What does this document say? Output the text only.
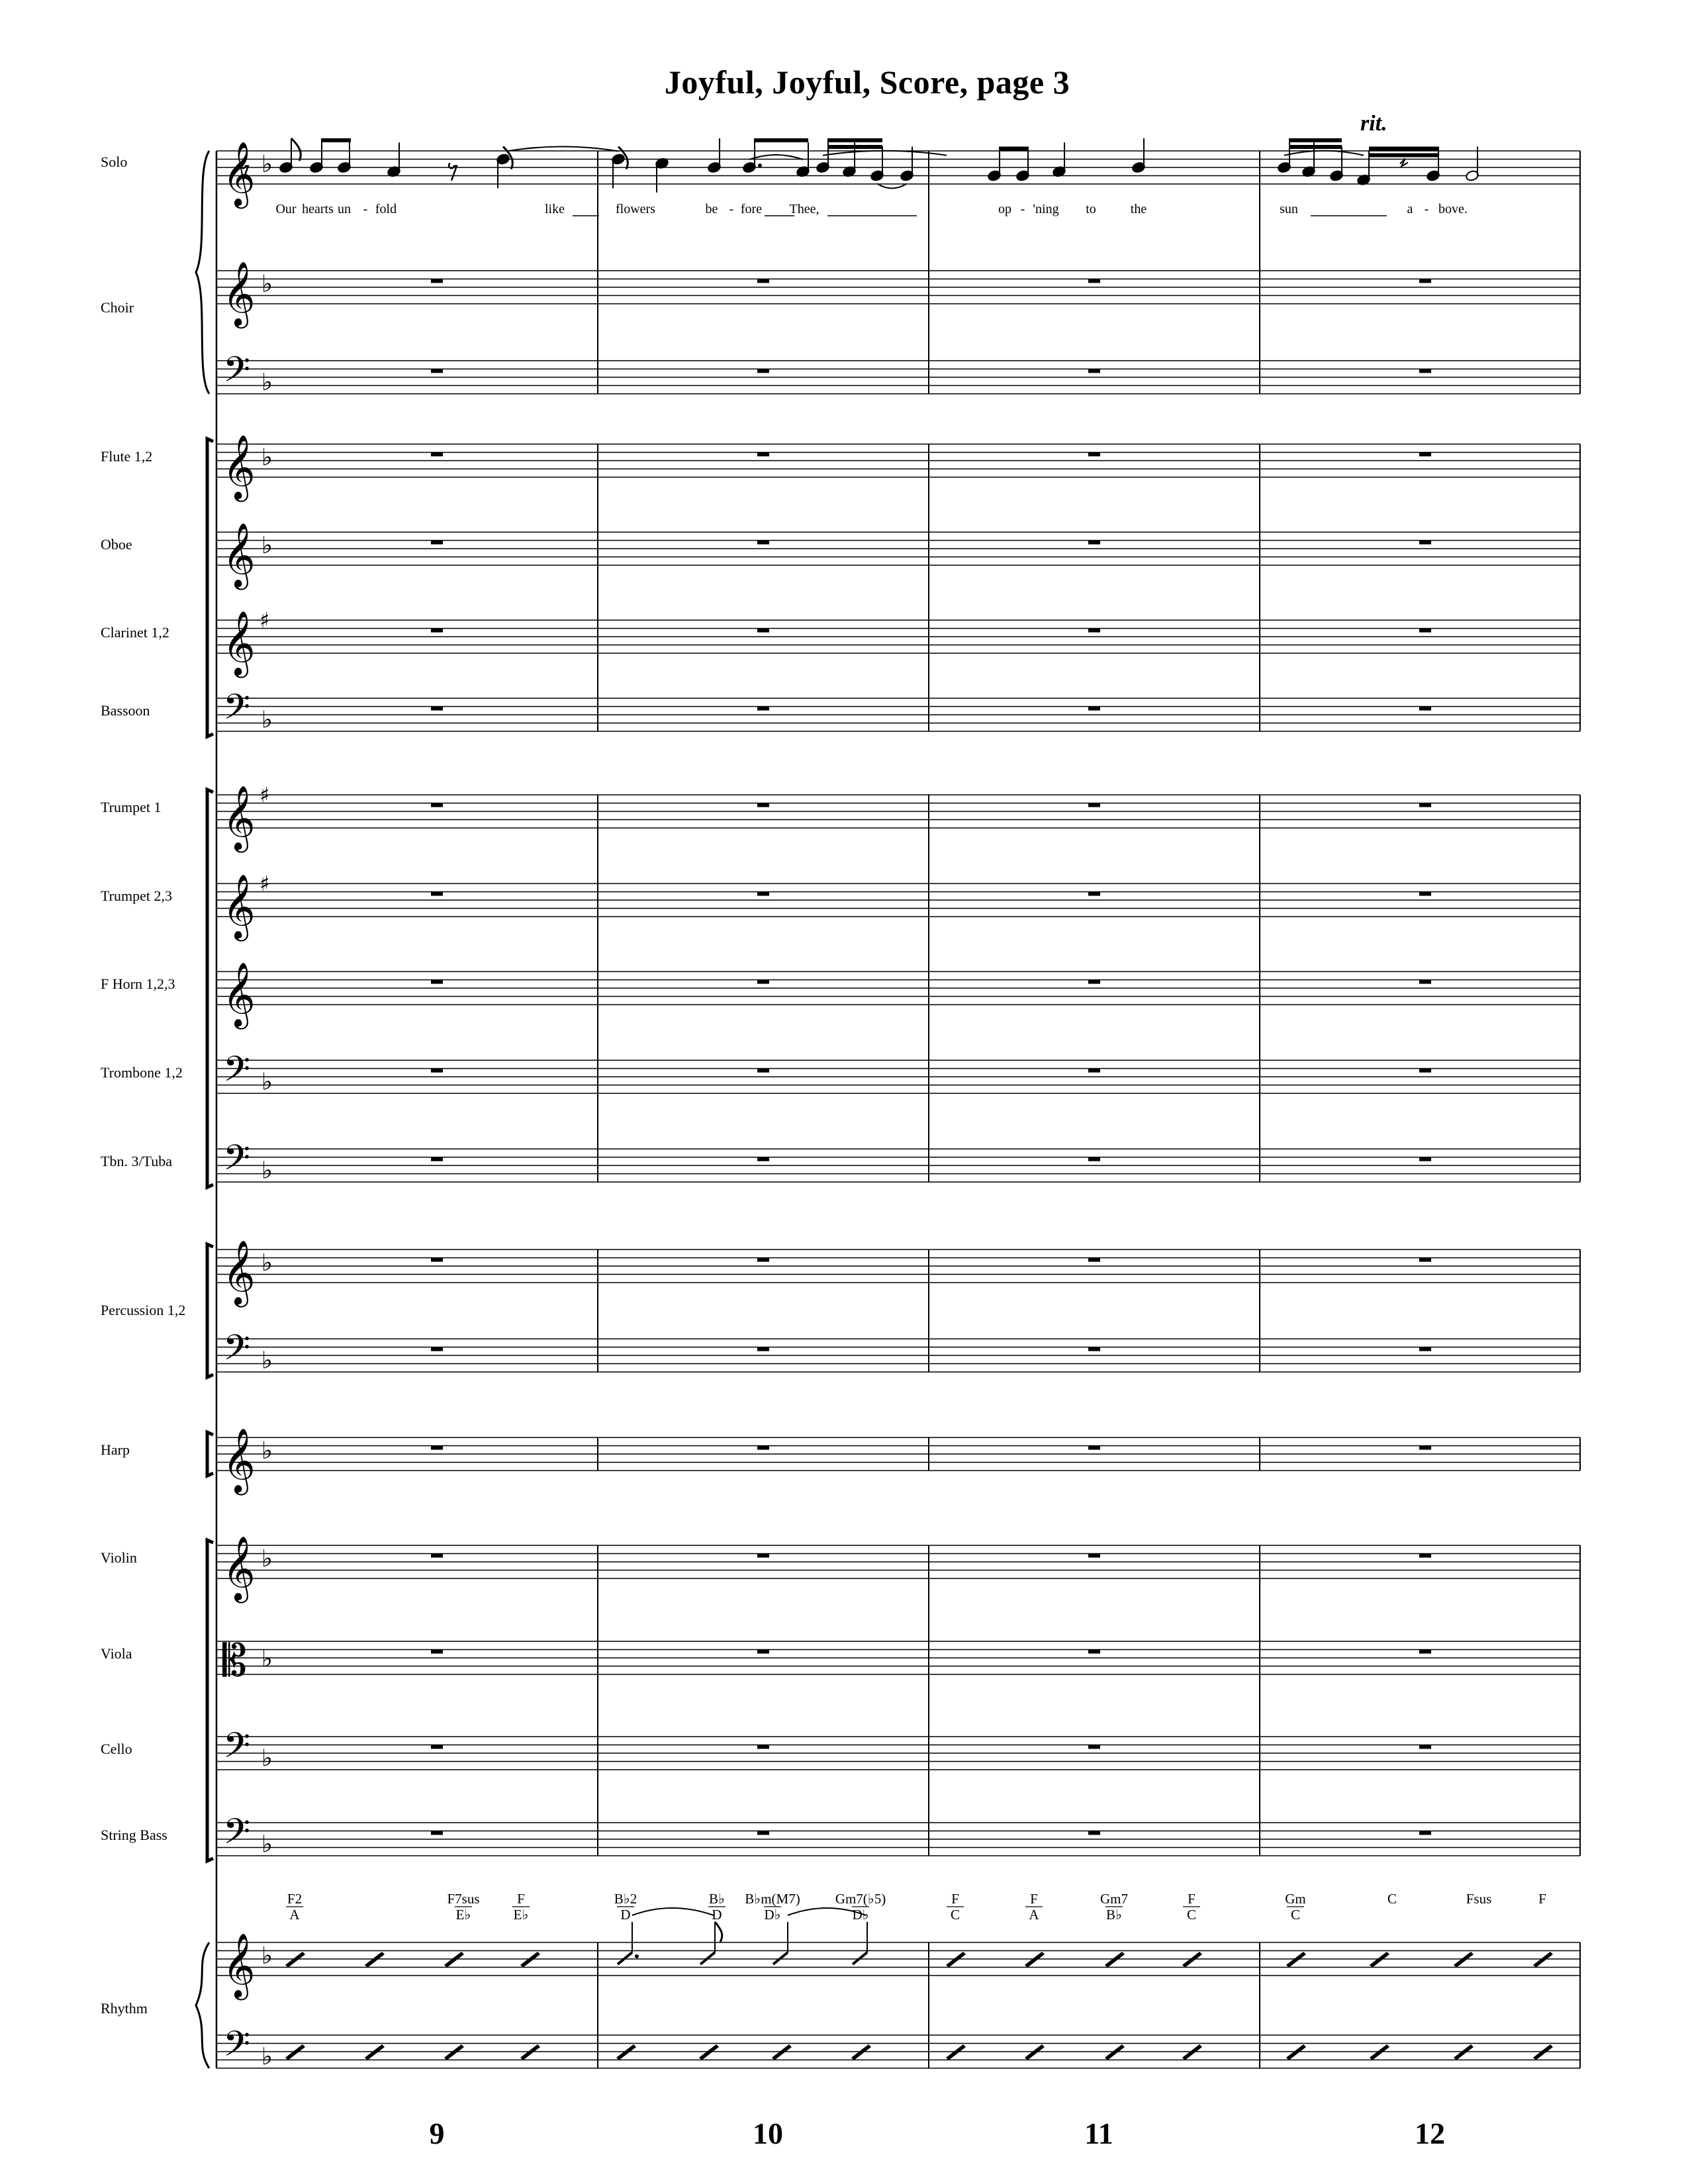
Joyful, Joyful, Score, page 3
𝄞 ♭
𝄞 ♭
𝄢 ♭
𝄞 ♭
𝄞 ♭
𝄞 ♯
𝄢 ♭
𝄞 ♯
𝄞 ♯
𝄞
𝄢 ♭
𝄢 ♭
𝄞 ♭
𝄢 ♭
𝄞 ♭
𝄞 ♭
𝄡 ♭
𝄢 ♭
𝄢 ♭
𝄞 ♭
𝄢 ♭
Solo
Choir
Flute 1,2
Oboe
Clarinet 1,2
Bassoon
Trumpet 1
Trumpet 2,3
F Horn 1,2,3
Trombone 1,2
Tbn. 3/Tuba
Percussion 1,2
Harp
Violin
Viola
Cello
String Bass
Rhythm
rit.
Our hearts un - fold	like	flowers	be - fore Thee,	op - 'ning to	the	sun	a - bove.
F2
A
F7sus
E♭
F
E♭
B♭2
D
B♭
D
B♭m(M7)
D♭
Gm7(♭5)
D♭
F
C
F
A
Gm7
B♭
F
C
Gm
C
C	Fsus	F
9	10	11	12
